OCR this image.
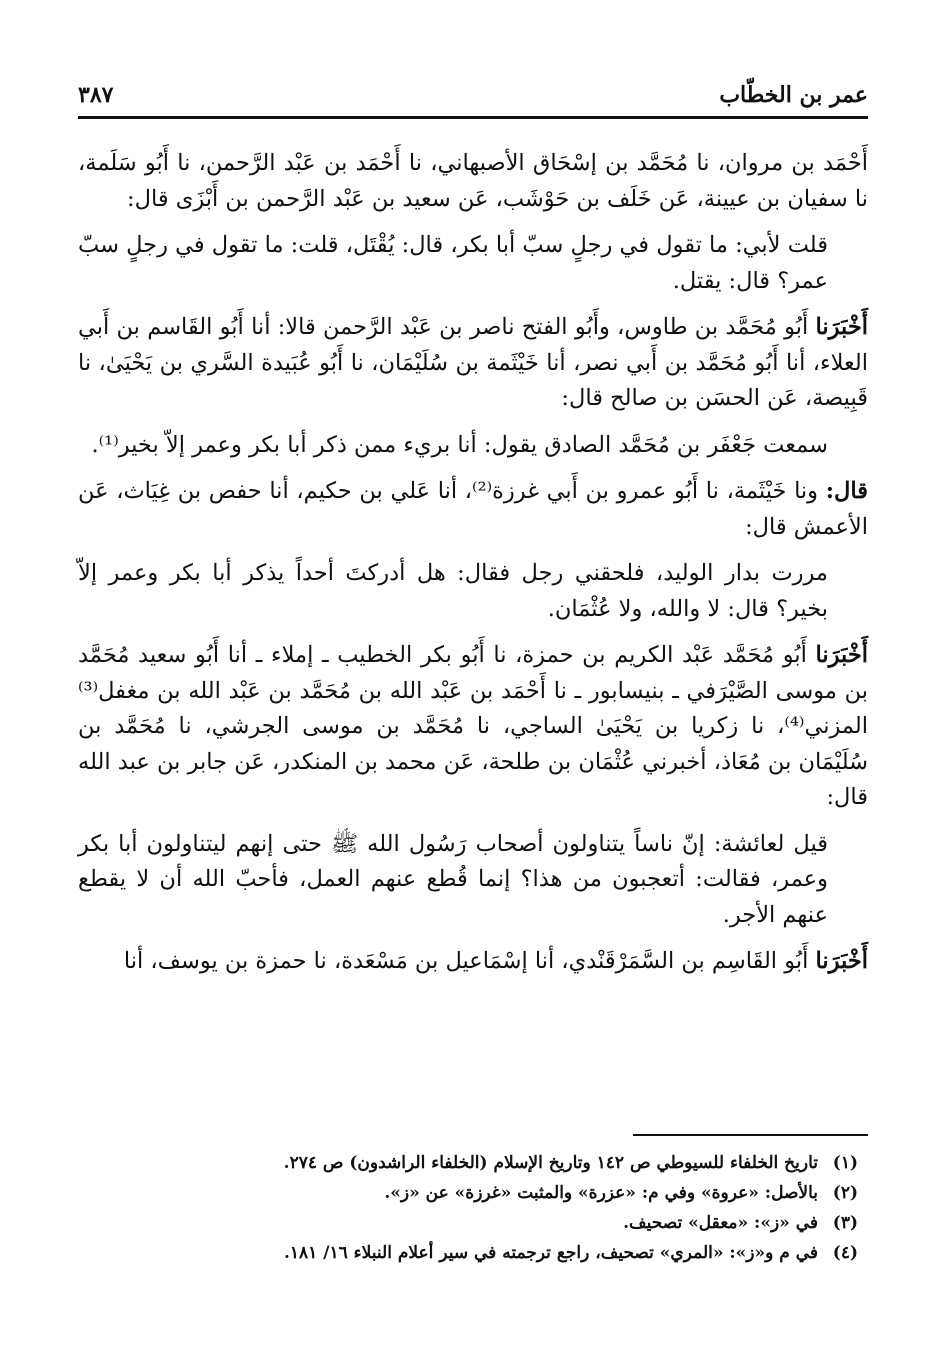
عمر بن الخطّاب
٣٨٧

أَحْمَد بن مروان، نا مُحَمَّد بن إسْحَاق الأصبهاني، نا أَحْمَد بن عَبْد الرَّحمن، نا أَبُو سَلَمة، نا سفيان بن عيينة، عَن خَلَف بن حَوْشَب، عَن سعيد بن عَبْد الرَّحمن بن أَبْزَى قال:

قلت لأبي: ما تقول في رجلٍ سبّ أبا بكر، قال: يُقْتَل، قلت: ما تقول في رجلٍ سبّ عمر؟ قال: يقتل.

أَخْبَرَنا أَبُو مُحَمَّد بن طاوس، وأَبُو الفتح ناصر بن عَبْد الرَّحمن قالا: أنا أَبُو القَاسم بن أَبي العلاء، أنا أَبُو مُحَمَّد بن أَبي نصر، أنا خَيْثَمة بن سُلَيْمَان، نا أَبُو عُبَيدة السَّري بن يَحْيَىٰ، نا قَبِيصة، عَن الحسَن بن صالح قال:

سمعت جَعْفَر بن مُحَمَّد الصادق يقول: أنا بريء ممن ذكر أبا بكر وعمر إلاّ بخير⁽¹⁾.

قال: ونا خَيْثَمة، نا أَبُو عمرو بن أَبي غرزة⁽²⁾، أنا عَلي بن حكيم، أنا حفص بن غِيَاث، عَن الأعمش قال:

مررت بدار الوليد، فلحقني رجل فقال: هل أدركتَ أحداً يذكر أبا بكر وعمر إلاّ بخير؟ قال: لا والله، ولا عُثْمَان.

أَخْبَرَنا أَبُو مُحَمَّد عَبْد الكريم بن حمزة، نا أَبُو بكر الخطيب ـ إملاء ـ أنا أَبُو سعيد مُحَمَّد بن موسى الصَّيْرَفي ـ بنيسابور ـ نا أَحْمَد بن عَبْد الله بن مُحَمَّد بن عَبْد الله بن مغفل⁽³⁾ المزني⁽⁴⁾، نا زكريا بن يَحْيَىٰ الساجي، نا مُحَمَّد بن موسى الجرشي، نا مُحَمَّد بن سُلَيْمَان بن مُعَاذ، أخبرني عُثْمَان بن طلحة، عَن محمد بن المنكدر، عَن جابر بن عبد الله قال:

قيل لعائشة: إنّ ناساً يتناولون أصحاب رَسُول الله ﷺ حتى إنهم ليتناولون أبا بكر وعمر، فقالت: أتعجبون من هذا؟ إنما قُطع عنهم العمل، فأحبّ الله أن لا يقطع عنهم الأجر.

أَخْبَرَنا أَبُو القَاسِم بن السَّمَرْقَنْدي، أنا إسْمَاعيل بن مَسْعَدة، نا حمزة بن يوسف، أنا

(١)تاريخ الخلفاء للسيوطي ص ١٤٢ وتاريخ الإسلام (الخلفاء الراشدون) ص ٢٧٤.
(٢)بالأصل: «عروة» وفي م: «عزرة» والمثبت «غرزة» عن «ز».
(٣)في «ز»: «معقل» تصحيف.
(٤)في م و«ز»: «المري» تصحيف، راجع ترجمته في سير أعلام النبلاء ١٦/ ١٨١.
